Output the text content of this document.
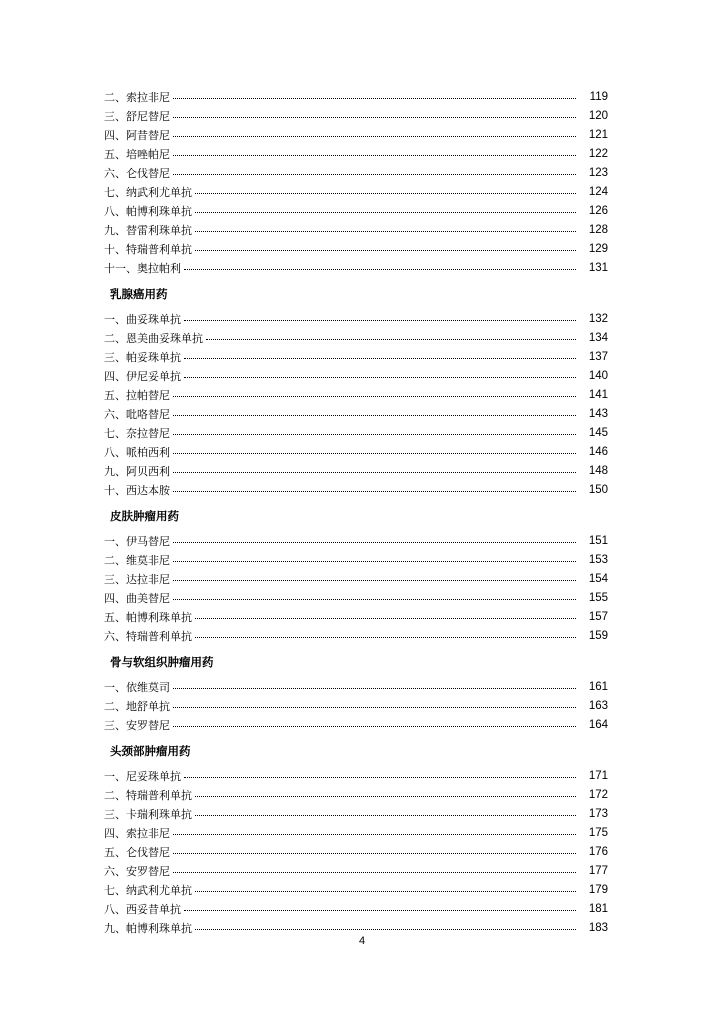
二、索拉非尼	119
三、舒尼替尼	120
四、阿昔替尼	121
五、培唑帕尼	122
六、仑伐替尼	123
七、纳武利尤单抗	124
八、帕博利珠单抗	126
九、替雷利珠单抗	128
十、特瑞普利单抗	129
十一、奥拉帕利	131
乳腺癌用药
一、曲妥珠单抗	132
二、恩美曲妥珠单抗	134
三、帕妥珠单抗	137
四、伊尼妥单抗	140
五、拉帕替尼	141
六、吡咯替尼	143
七、奈拉替尼	145
八、哌柏西利	146
九、阿贝西利	148
十、西达本胺	150
皮肤肿瘤用药
一、伊马替尼	151
二、维莫非尼	153
三、达拉非尼	154
四、曲美替尼	155
五、帕博利珠单抗	157
六、特瑞普利单抗	159
骨与软组织肿瘤用药
一、依维莫司	161
二、地舒单抗	163
三、安罗替尼	164
头颈部肿瘤用药
一、尼妥珠单抗	171
二、特瑞普利单抗	172
三、卡瑞利珠单抗	173
四、索拉非尼	175
五、仑伐替尼	176
六、安罗替尼	177
七、纳武利尤单抗	179
八、西妥昔单抗	181
九、帕博利珠单抗	183
4
